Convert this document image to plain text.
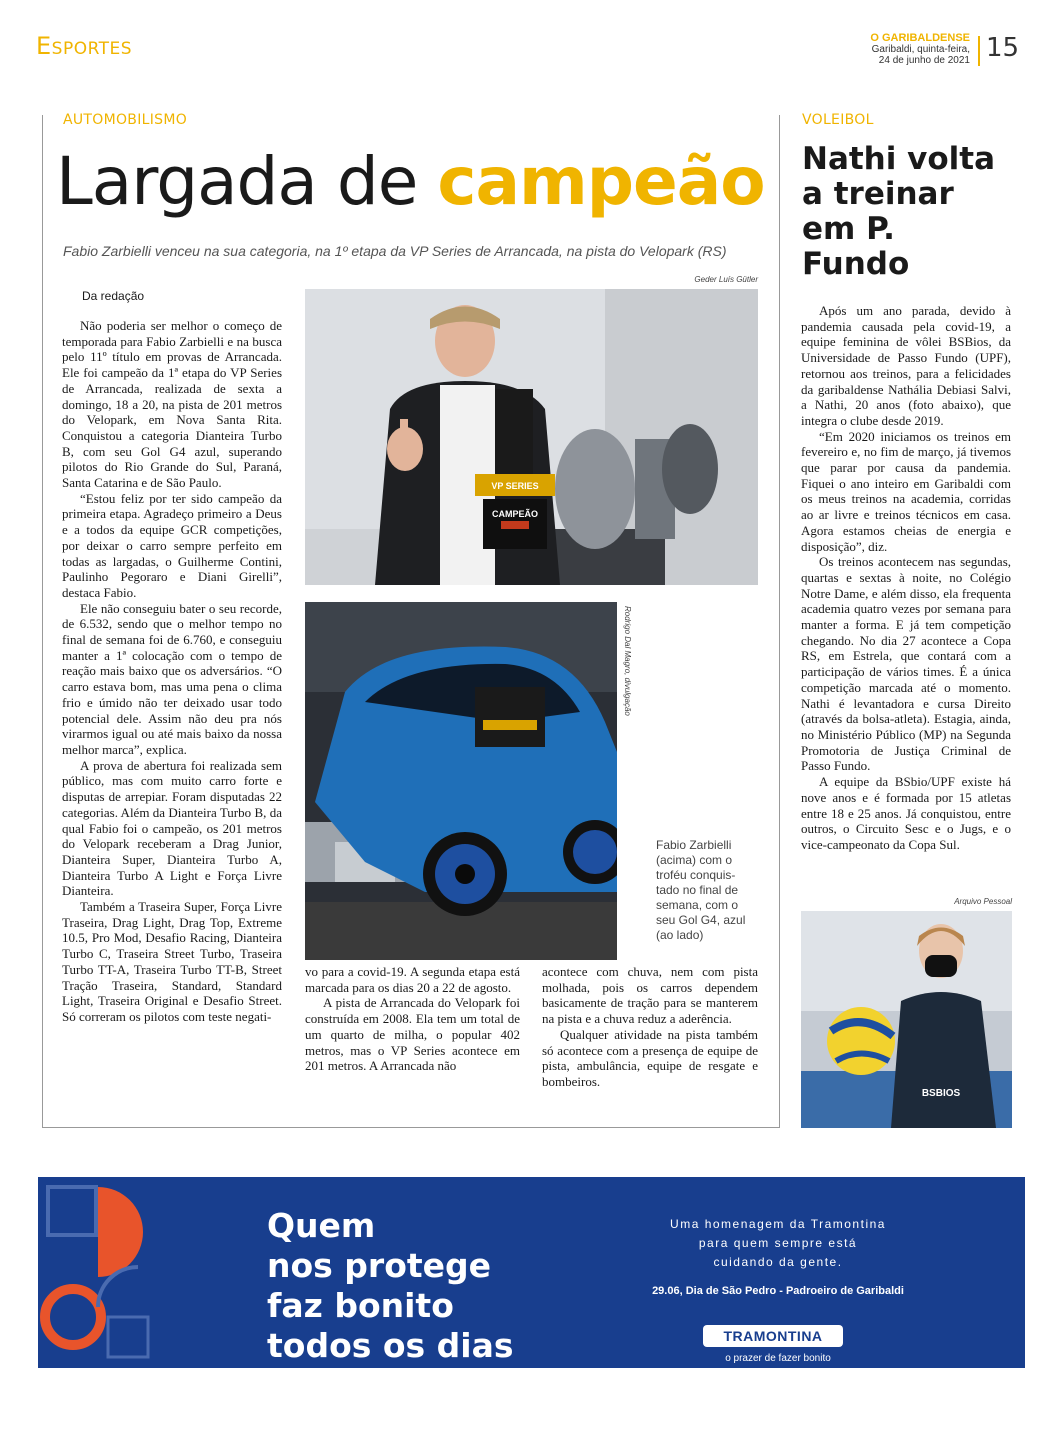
Esportes	O GARIBALDENSE
Garibaldi, quinta-feira,
24 de junho de 2021 15
AUTOMOBILISMO
Largada de campeão
Fabio Zarbielli venceu na sua categoria, na 1º etapa da VP Series de Arrancada, na pista do Velopark (RS)
Geder Luís Gütler
Da redação

Não poderia ser melhor o começo de temporada para Fabio Zarbielli e na busca pelo 11º título em provas de Arrancada. Ele foi campeão da 1ª etapa do VP Series de Arrancada, realizada de sexta a domingo, 18 a 20, na pista de 201 metros do Velopark, em Nova Santa Rita. Conquistou a categoria Dianteira Turbo B, com seu Gol G4 azul, superando pilotos do Rio Grande do Sul, Paraná, Santa Catarina e de São Paulo.

“Estou feliz por ter sido campeão da primeira etapa. Agradeço primeiro a Deus e a todos da equipe GCR competições, por deixar o carro sempre perfeito em todas as largadas, o Guilherme Contini, Paulinho Pegoraro e Diani Girelli”, destaca Fabio.

Ele não conseguiu bater o seu recorde, de 6.532, sendo que o melhor tempo no final de semana foi de 6.760, e conseguiu manter a 1ª colocação com o tempo de reação mais baixo que os adversários. “O carro estava bom, mas uma pena o clima frio e úmido não ter deixado usar todo potencial dele. Assim não deu pra nós virarmos igual ou até mais baixo da nossa melhor marca”, explica.

A prova de abertura foi realizada sem público, mas com muito carro forte e disputas de arrepiar. Foram disputadas 22 categorias. Além da Dianteira Turbo B, da qual Fabio foi o campeão, os 201 metros do Velopark receberam a Drag Junior, Dianteira Super, Dianteira Turbo A, Dianteira Turbo A Light e Força Livre Dianteira.

Também a Traseira Super, Força Livre Traseira, Drag Light, Drag Top, Extreme 10.5, Pro Mod, Desafio Racing, Dianteira Turbo C, Traseira Street Turbo, Traseira Turbo TT-A, Traseira Turbo TT-B, Street Tração Traseira, Standard, Standard Light, Traseira Original e Desafio Street. Só correram os pilotos com teste negati-

VP SERIES
CAMPEÃO
Rodrigo Dal Magro, divulgação
Fabio Zarbielli (acima) com o troféu conquis-tado no final de semana, com o seu Gol G4, azul (ao lado)

vo para a covid-19. A segunda etapa está marcada para os dias 20 a 22 de agosto.

A pista de Arrancada do Velopark foi construída em 2008. Ela tem um total de um quarto de milha, o popular 402 metros, mas o VP Series acontece em 201 metros. A Arrancada não

acontece com chuva, nem com pista molhada, pois os carros dependem basicamente de tração para se manterem na pista e a chuva reduz a aderência.

Qualquer atividade na pista também só acontece com a presença de equipe de pista, ambulância, equipe de resgate e bombeiros.

VOLEIBOL
Nathi volta a treinar em P. Fundo

Após um ano parada, devido à pandemia causada pela covid-19, a equipe feminina de vôlei BSBios, da Universidade de Passo Fundo (UPF), retornou aos treinos, para a felicidades da garibaldense Nathália Debiasi Salvi, a Nathi, 20 anos (foto abaixo), que integra o clube desde 2019.

“Em 2020 iniciamos os treinos em fevereiro e, no fim de março, já tivemos que parar por causa da pandemia. Fiquei o ano inteiro em Garibaldi com os meus treinos na academia, corridas ao ar livre e treinos técnicos em casa. Agora estamos cheias de energia e disposição”, diz.

Os treinos acontecem nas segundas, quartas e sextas à noite, no Colégio Notre Dame, e além disso, ela frequenta academia quatro vezes por semana para manter a forma. E já tem competição chegando. No dia 27 acontece a Copa RS, em Estrela, que contará com a participação de vários times. É a única competição marcada até o momento. Nathi é levantadora e cursa Direito (através da bolsa-atleta). Estagia, ainda, no Ministério Público (MP) na Segunda Promotoria de Justiça Criminal de Passo Fundo.

A equipe da BSbio/UPF existe há nove anos e é formada por 15 atletas entre 18 e 25 anos. Já conquistou, entre outros, o Circuito Sesc e o Jugs, e o vice-campeonato da Copa Sul.

Arquivo Pessoal
BSBIOS
Quem
nos protege
faz bonito
todos os dias
Uma homenagem da Tramontina
para quem sempre está
cuidando da gente.
29.06, Dia de São Pedro - Padroeiro de Garibaldi
TRAMONTINA
o prazer de fazer bonito
